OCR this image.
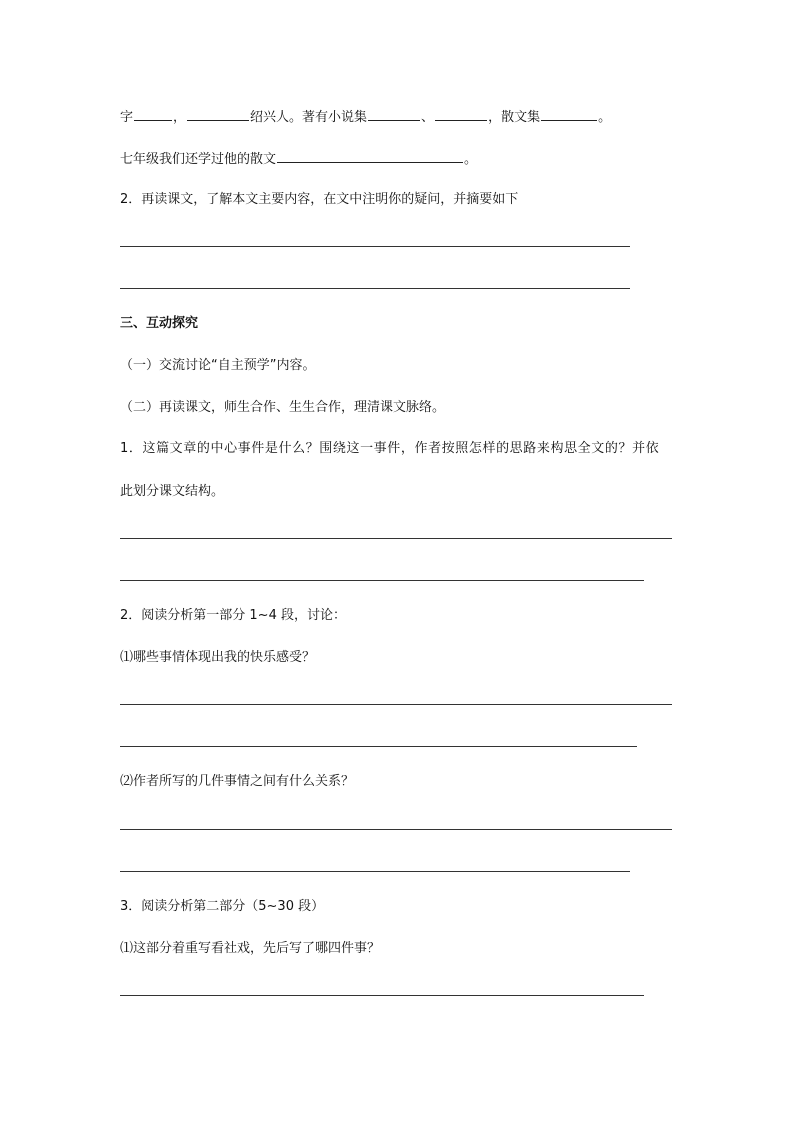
字	，	绍兴人。著有小说集	、	，散文集	。
七年级我们还学过他的散文	。
2．再读课文，了解本文主要内容，在文中注明你的疑问，并摘要如下
三、互动探究
（一）交流讨论“自主预学”内容。
（二）再读课文，师生合作、生生合作，理清课文脉络。
1．这篇文章的中心事件是什么？围绕这一事件，作者按照怎样的思路来构思全文的？并依
此划分课文结构。
2．阅读分析第一部分 1~4 段，讨论：
⑴哪些事情体现出我的快乐感受？
⑵作者所写的几件事情之间有什么关系？
3．阅读分析第二部分（5~30 段）
⑴这部分着重写看社戏，先后写了哪四件事？
